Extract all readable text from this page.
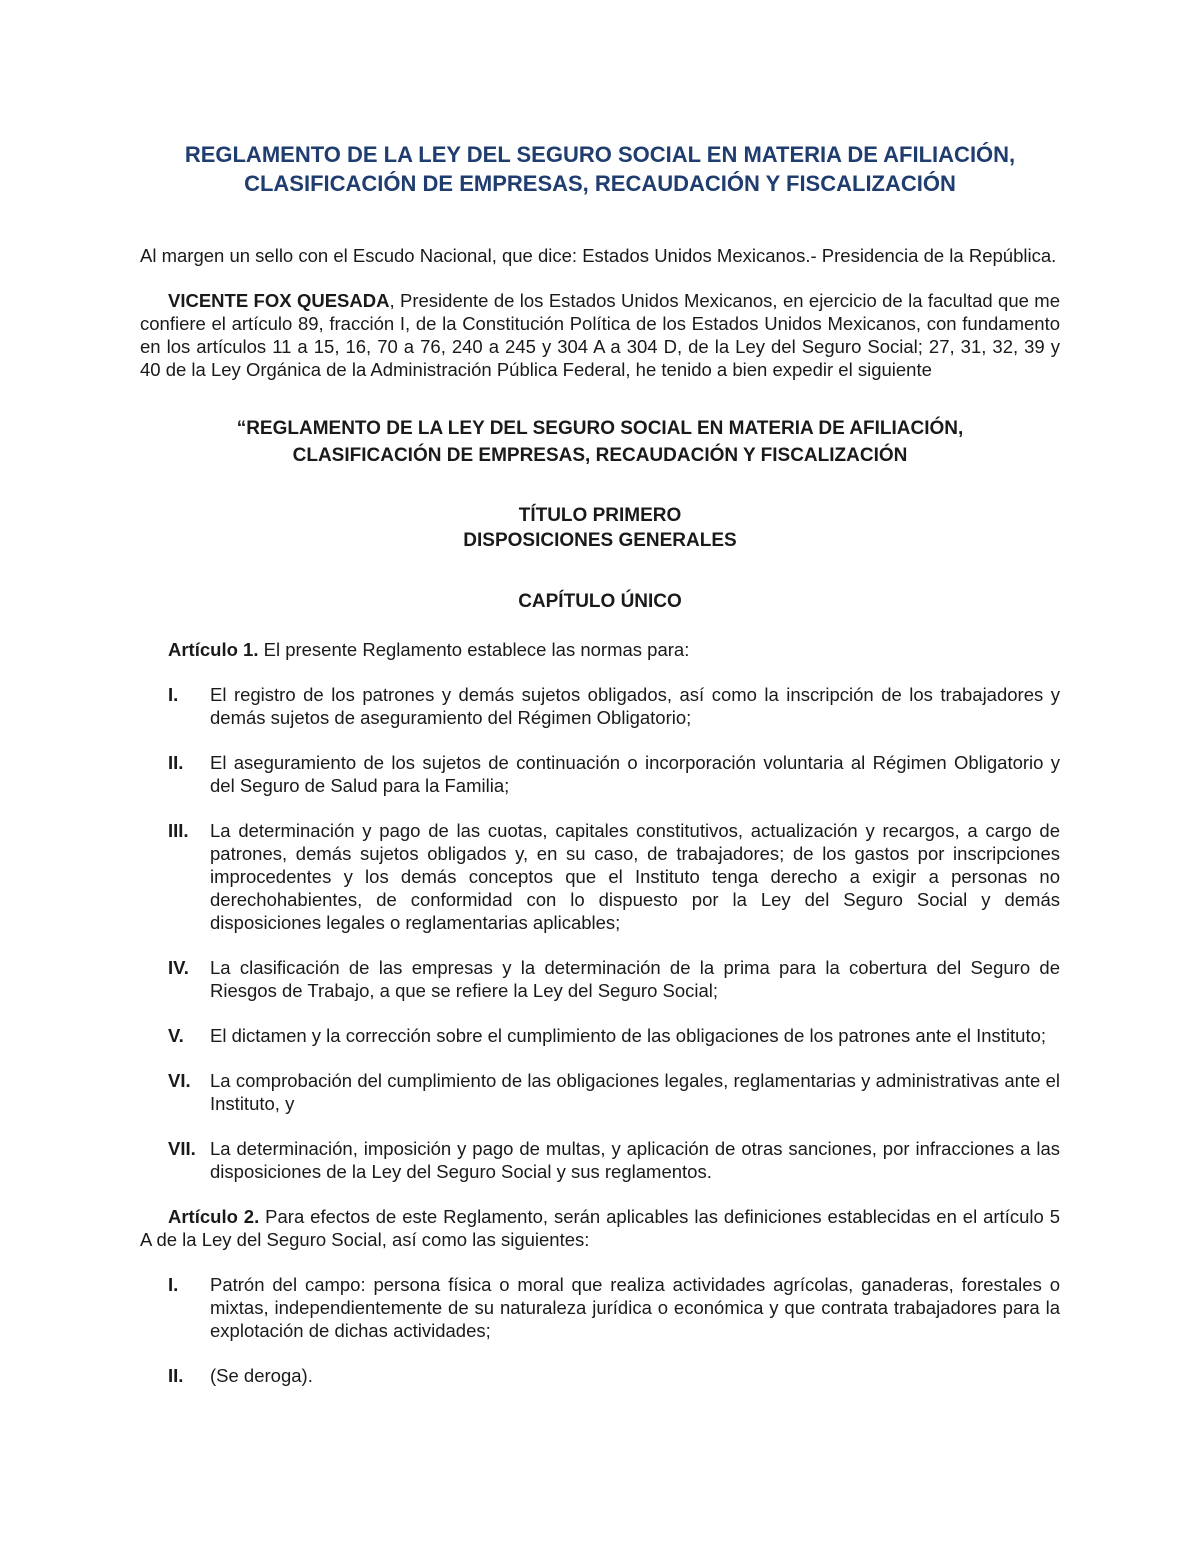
REGLAMENTO DE LA LEY DEL SEGURO SOCIAL EN MATERIA DE AFILIACIÓN,
CLASIFICACIÓN DE EMPRESAS, RECAUDACIÓN Y FISCALIZACIÓN

Al margen un sello con el Escudo Nacional, que dice: Estados Unidos Mexicanos.- Presidencia de la República.

VICENTE FOX QUESADA, Presidente de los Estados Unidos Mexicanos, en ejercicio de la facultad que me confiere el artículo 89, fracción I, de la Constitución Política de los Estados Unidos Mexicanos, con fundamento en los artículos 11 a 15, 16, 70 a 76, 240 a 245 y 304 A a 304 D, de la Ley del Seguro Social; 27, 31, 32, 39 y 40 de la Ley Orgánica de la Administración Pública Federal, he tenido a bien expedir el siguiente

“REGLAMENTO DE LA LEY DEL SEGURO SOCIAL EN MATERIA DE AFILIACIÓN,
CLASIFICACIÓN DE EMPRESAS, RECAUDACIÓN Y FISCALIZACIÓN
TÍTULO PRIMERO
DISPOSICIONES GENERALES
CAPÍTULO ÚNICO

Artículo 1. El presente Reglamento establece las normas para:

I.	El registro de los patrones y demás sujetos obligados, así como la inscripción de los trabajadores y demás sujetos de aseguramiento del Régimen Obligatorio;
II.	El aseguramiento de los sujetos de continuación o incorporación voluntaria al Régimen Obligatorio y del Seguro de Salud para la Familia;
III.	La determinación y pago de las cuotas, capitales constitutivos, actualización y recargos, a cargo de patrones, demás sujetos obligados y, en su caso, de trabajadores; de los gastos por inscripciones improcedentes y los demás conceptos que el Instituto tenga derecho a exigir a personas no derechohabientes, de conformidad con lo dispuesto por la Ley del Seguro Social y demás disposiciones legales o reglamentarias aplicables;
IV.	La clasificación de las empresas y la determinación de la prima para la cobertura del Seguro de Riesgos de Trabajo, a que se refiere la Ley del Seguro Social;
V.	El dictamen y la corrección sobre el cumplimiento de las obligaciones de los patrones ante el Instituto;
VI.	La comprobación del cumplimiento de las obligaciones legales, reglamentarias y administrativas ante el Instituto, y
VII. La determinación, imposición y pago de multas, y aplicación de otras sanciones, por infracciones a las disposiciones de la Ley del Seguro Social y sus reglamentos.

Artículo 2. Para efectos de este Reglamento, serán aplicables las definiciones establecidas en el artículo 5 A de la Ley del Seguro Social, así como las siguientes:

I.	Patrón del campo: persona física o moral que realiza actividades agrícolas, ganaderas, forestales o mixtas, independientemente de su naturaleza jurídica o económica y que contrata trabajadores para la explotación de dichas actividades;
II.	(Se deroga).
